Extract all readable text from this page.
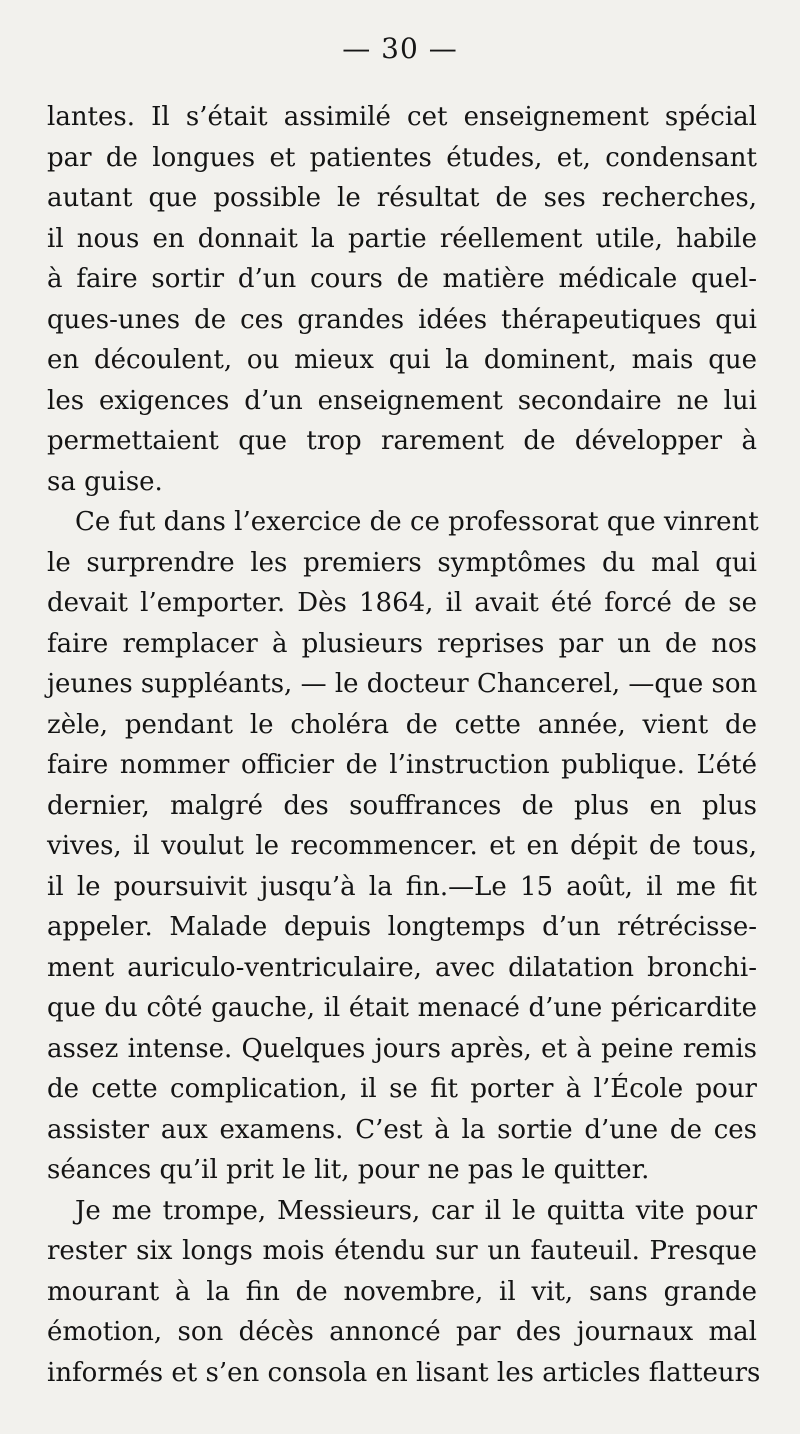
— 30 —
lantes. Il s’était assimilé cet enseignement spécial
par de longues et patientes études, et, condensant
autant que possible le résultat de ses recherches,
il nous en donnait la partie réellement utile, habile
à faire sortir d’un cours de matière médicale quel-
ques-unes de ces grandes idées thérapeutiques qui
en découlent, ou mieux qui la dominent, mais que
les exigences d’un enseignement secondaire ne lui
permettaient que trop rarement de développer à
sa guise.
Ce fut dans l’exercice de ce professorat que vinrent
le surprendre les premiers symptômes du mal qui
devait l’emporter. Dès 1864, il avait été forcé de se
faire remplacer à plusieurs reprises par un de nos
jeunes suppléants, — le docteur Chancerel, —que son
zèle, pendant le choléra de cette année, vient de
faire nommer officier de l’instruction publique. L’été
dernier, malgré des souffrances de plus en plus
vives, il voulut le recommencer. et en dépit de tous,
il le poursuivit jusqu’à la fin.—Le 15 août, il me fit
appeler. Malade depuis longtemps d’un rétrécisse-
ment auriculo-ventriculaire, avec dilatation bronchi-
que du côté gauche, il était menacé d’une péricardite
assez intense. Quelques jours après, et à peine remis
de cette complication, il se fit porter à l’École pour
assister aux examens. C’est à la sortie d’une de ces
séances qu’il prit le lit, pour ne pas le quitter.
Je me trompe, Messieurs, car il le quitta vite pour
rester six longs mois étendu sur un fauteuil. Presque
mourant à la fin de novembre, il vit, sans grande
émotion, son décès annoncé par des journaux mal
informés et s’en consola en lisant les articles flatteurs
